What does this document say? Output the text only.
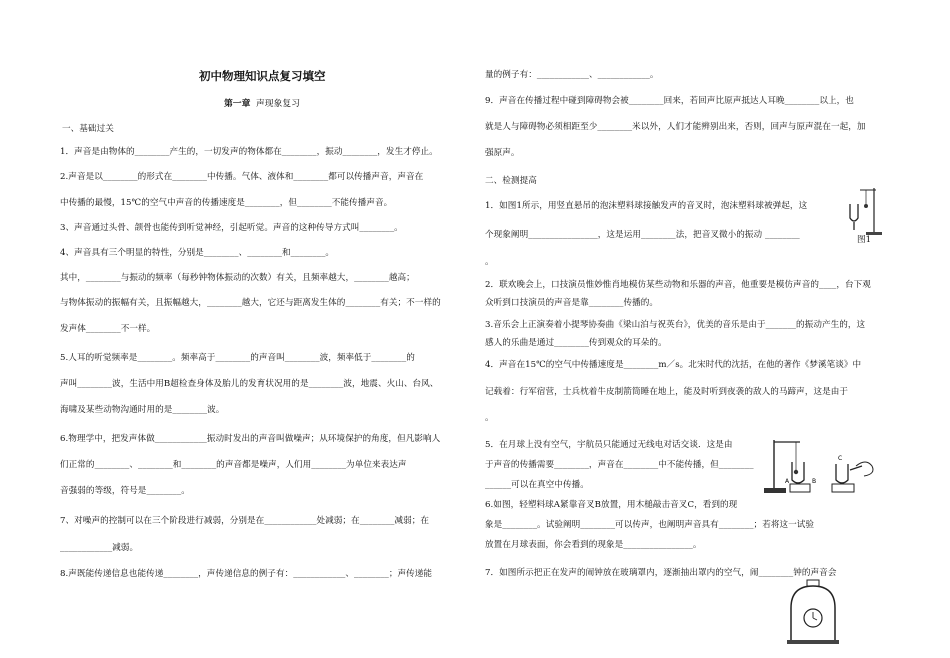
初中物理知识点复习填空
第一章 声现象复习
一、基础过关
1．声音是由物体的________产生的，一切发声的物体都在________，振动________，发生才停止。
2.声音是以________的形式在________中传播。气体、液体和________都可以传播声音，声音在
中传播的最慢，15℃的空气中声音的传播速度是________，但________不能传播声音。
3、声音通过头骨、颌骨也能传到听觉神经，引起听觉。声音的这种传导方式叫________。
4、声音具有三个明显的特性，分别是________、________和________。
其中，________与振动的频率（每秒钟物体振动的次数）有关，且频率越大，________越高；
与物体振动的振幅有关，且振幅越大，________越大，它还与距离发生体的________有关；不一样的
发声体________不一样。
5.人耳的听觉频率是________。频率高于________的声音叫________波，频率低于________的
声叫________波，生活中用B超检查身体及胎儿的发育状况用的是________波，地震、火山、台风、
海啸及某些动物沟通时用的是________波。
6.物理学中，把发声体做____________振动时发出的声音叫做噪声；从环境保护的角度，但凡影响人
们正常的________、________和________的声音都是噪声，人们用________为单位来表达声
音强弱的等级，符号是________。
7、对噪声的控制可以在三个阶段进行减弱，分别是在____________处减弱；在________减弱；在
____________减弱。
8.声既能传递信息也能传递________，声传递信息的例子有：____________、________；声传递能
量的例子有：____________、____________。
9．声音在传播过程中碰到障碍物会被________回来，若回声比原声抵达人耳晚________以上，也
就是人与障碍物必须相距至少________米以外，人们才能辨别出来，否则，回声与原声混在一起，加
强原声。
二、检测提高
1．如图1所示，用竖直悬吊的泡沫塑料球接触发声的音叉时，泡沫塑料球被弹起，这
个现象阐明________________，这是运用________法，把音叉微小的振动 ________
。
2．联欢晚会上，口技演员惟妙惟肖地模仿某些动物和乐器的声音，他重要是模仿声音的____，台下观
众听到口技演员的声音是靠________传播的。
3.音乐会上正演奏着小提琴协奏曲《梁山泊与祝英台》，优美的音乐是由于_______的振动产生的，这
感人的乐曲是通过________传到观众的耳朵的。
4．声音在15℃的空气中传播速度是________m／s。北宋时代的沈括，在他的著作《梦溪笔谈》中
记载着：行军宿营，士兵枕着牛皮制箭筒睡在地上，能及时听到夜袭的敌人的马蹄声，这是由于
。
5．在月球上没有空气，宇航员只能通过无线电对话交谈．这是由
于声音的传播需要________，声音在________中不能传播，但________
______可以在真空中传播。
6.如图，轻塑料球A紧靠音叉B放置，用木槌敲击音叉C，看到的现
象是________。试验阐明________可以传声，也阐明声音具有________；若将这一试验
放置在月球表面，你会看到的现象是________________。
7．如图所示把正在发声的闹钟放在玻璃罩内，逐渐抽出罩内的空气，闹________钟的声音会
图1
A	B
C
